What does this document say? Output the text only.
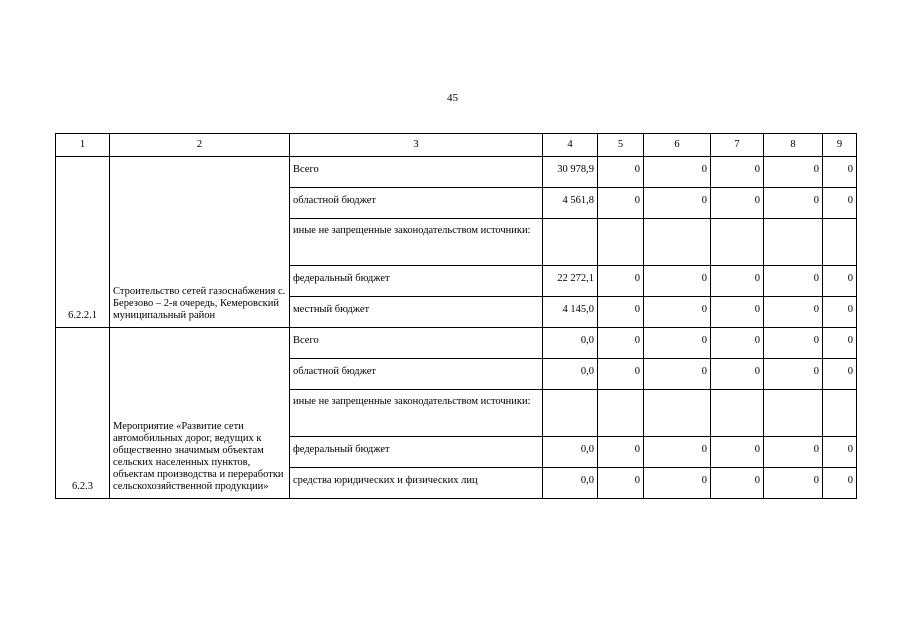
45
1	2	3	4	5	6	7	8	9
6.2.2.1	Строительство сетей газоснабжения с. Березово – 2-я очередь, Кемеровский муниципальный район	Всего	30 978,9	0	0	0	0	0
		областной бюджет	4 561,8	0	0	0	0	0
		иные не запрещенные законодательством источники:						
		федеральный бюджет	22 272,1	0	0	0	0	0
		местный бюджет	4 145,0	0	0	0	0	0
6.2.3	Мероприятие «Развитие сети автомобильных дорог, ведущих к общественно значимым объектам сельских населенных пунктов, объектам производства и переработки сельскохозяйственной продукции»	Всего	0,0	0	0	0	0	0
		областной бюджет	0,0	0	0	0	0	0
		иные не запрещенные законодательством источники:						
		федеральный бюджет	0,0	0	0	0	0	0
		средства юридических и физических лиц	0,0	0	0	0	0	0
